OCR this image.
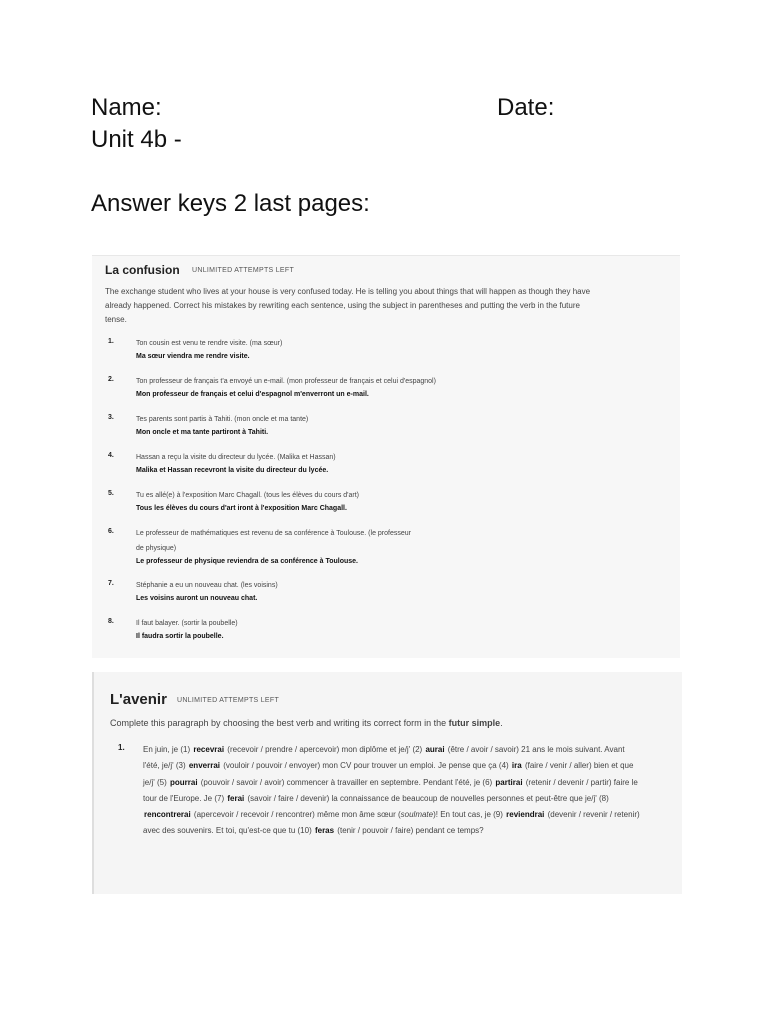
Name:	Date:
Unit 4b -
Answer keys 2 last pages:
La confusion UNLIMITED ATTEMPTS LEFT
The exchange student who lives at your house is very confused today. He is telling you about things that will happen as though they have already happened. Correct his mistakes by rewriting each sentence, using the subject in parentheses and putting the verb in the future tense.
1.	Ton cousin est venu te rendre visite. (ma sœur)
Ma sœur viendra me rendre visite.
2.	Ton professeur de français t'a envoyé un e-mail. (mon professeur de français et celui d'espagnol)
Mon professeur de français et celui d'espagnol m'enverront un e-mail.
3.	Tes parents sont partis à Tahiti. (mon oncle et ma tante)
Mon oncle et ma tante partiront à Tahiti.
4.	Hassan a reçu la visite du directeur du lycée. (Malika et Hassan)
Malika et Hassan recevront la visite du directeur du lycée.
5.	Tu es allé(e) à l'exposition Marc Chagall. (tous les élèves du cours d'art)
Tous les élèves du cours d'art iront à l'exposition Marc Chagall.
6.	Le professeur de mathématiques est revenu de sa conférence à Toulouse. (le professeur
de physique)
Le professeur de physique reviendra de sa conférence à Toulouse.
7.	Stéphanie a eu un nouveau chat. (les voisins)
Les voisins auront un nouveau chat.
8.	Il faut balayer. (sortir la poubelle)
Il faudra sortir la poubelle.
L'avenir UNLIMITED ATTEMPTS LEFT
Complete this paragraph by choosing the best verb and writing its correct form in the futur simple.
1. En juin, je (1) recevrai (recevoir / prendre / apercevoir) mon diplôme et je/j' (2) aurai (être / avoir / savoir) 21 ans le mois suivant. Avant l'été, je/j' (3) enverrai (vouloir / pouvoir / envoyer) mon CV pour trouver un emploi. Je pense que ça (4) ira (faire / venir / aller) bien et que je/j' (5) pourrai (pouvoir / savoir / avoir) commencer à travailler en septembre. Pendant l'été, je (6) partirai (retenir / devenir / partir) faire le tour de l'Europe. Je (7) ferai (savoir / faire / devenir) la connaissance de beaucoup de nouvelles personnes et peut-être que je/j' (8) rencontrerai (apercevoir / recevoir / rencontrer) même mon âme sœur (soulmate)! En tout cas, je (9) reviendrai (devenir / revenir / retenir) avec des souvenirs. Et toi, qu'est-ce que tu (10) feras (tenir / pouvoir / faire) pendant ce temps?
